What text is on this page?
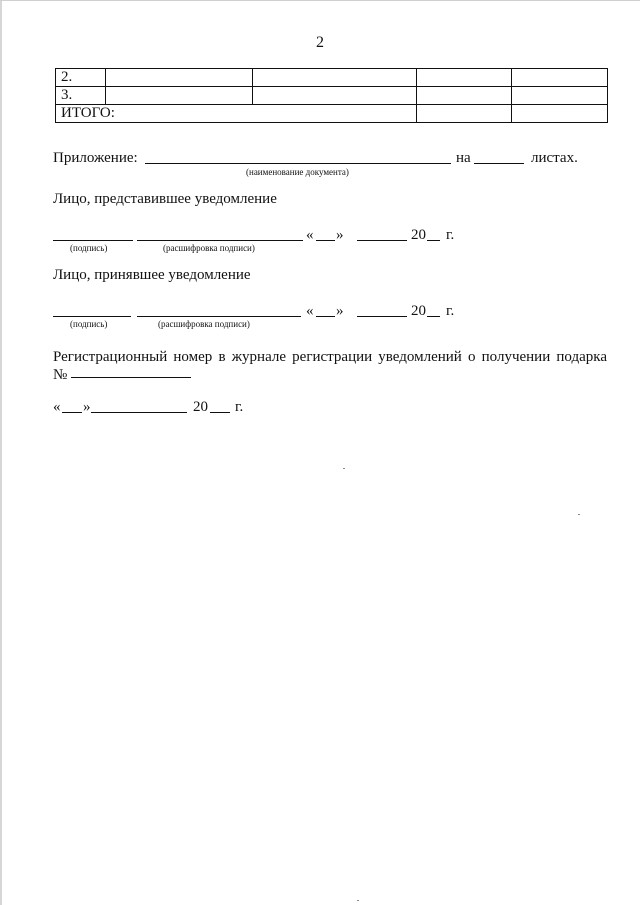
2
2.				
3.				
ИТОГО:				
Приложение:	на	листах.
(наименование документа)
Лицо, представившее уведомление
« »	20 г.
(подпись)	(расшифровка подписи)
Лицо, принявшее уведомление
« »	20 г.
(подпись)	(расшифровка подписи)
Регистрационный номер в журнале регистрации уведомлений о получении подарка
№
« »	20 г.
